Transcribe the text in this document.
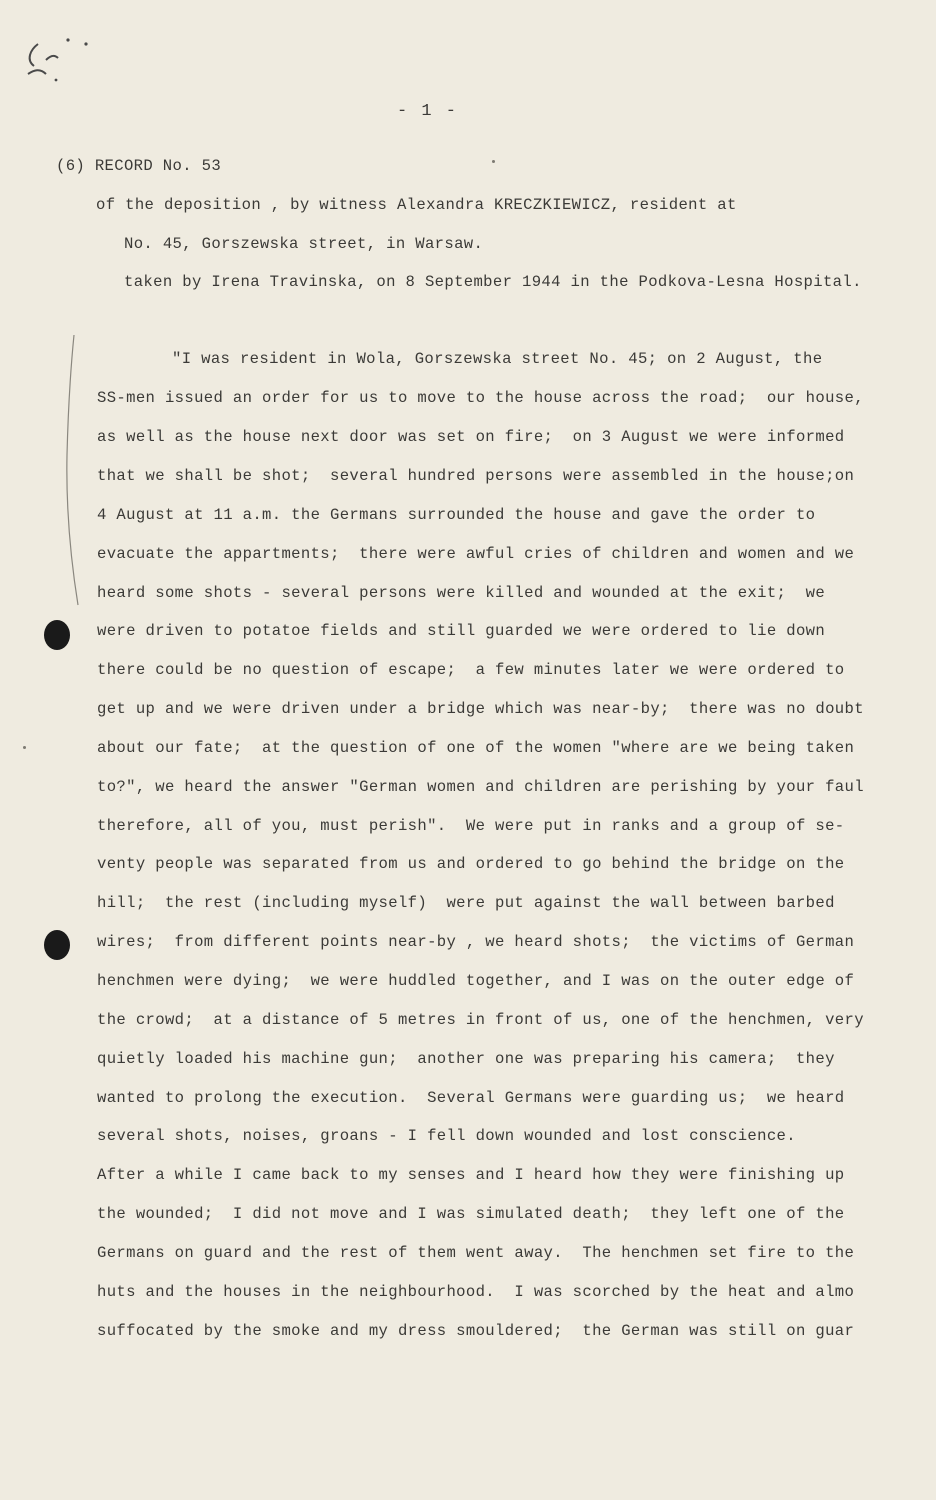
- 1 -
(6) RECORD No. 53
of the deposition , by witness Alexandra KRECZKIEWICZ, resident at
No. 45, Gorszewska street, in Warsaw.
taken by Irena Travinska, on 8 September 1944 in the Podkova-Lesna Hospital.
"I was resident in Wola, Gorszewska street No. 45; on 2 August, the
SS-men issued an order for us to move to the house across the road;  our house,
as well as the house next door was set on fire;  on 3 August we were informed
that we shall be shot;  several hundred persons were assembled in the house;on
4 August at 11 a.m. the Germans surrounded the house and gave the order to
evacuate the appartments;  there were awful cries of children and women and we
heard some shots - several persons were killed and wounded at the exit;  we
were driven to potatoe fields and still guarded we were ordered to lie down
there could be no question of escape;  a few minutes later we were ordered to
get up and we were driven under a bridge which was near-by;  there was no doubt
about our fate;  at the question of one of the women "where are we being taken
to?", we heard the answer "German women and children are perishing by your faul
therefore, all of you, must perish".  We were put in ranks and a group of se-
venty people was separated from us and ordered to go behind the bridge on the
hill;  the rest (including myself)  were put against the wall between barbed
wires;  from different points near-by , we heard shots;  the victims of German
henchmen were dying;  we were huddled together, and I was on the outer edge of
the crowd;  at a distance of 5 metres in front of us, one of the henchmen, very
quietly loaded his machine gun;  another one was preparing his camera;  they
wanted to prolong the execution.  Several Germans were guarding us;  we heard
several shots, noises, groans - I fell down wounded and lost conscience.
After a while I came back to my senses and I heard how they were finishing up
the wounded;  I did not move and I was simulated death;  they left one of the
Germans on guard and the rest of them went away.  The henchmen set fire to the
huts and the houses in the neighbourhood.  I was scorched by the heat and almo
suffocated by the smoke and my dress smouldered;  the German was still on guar
